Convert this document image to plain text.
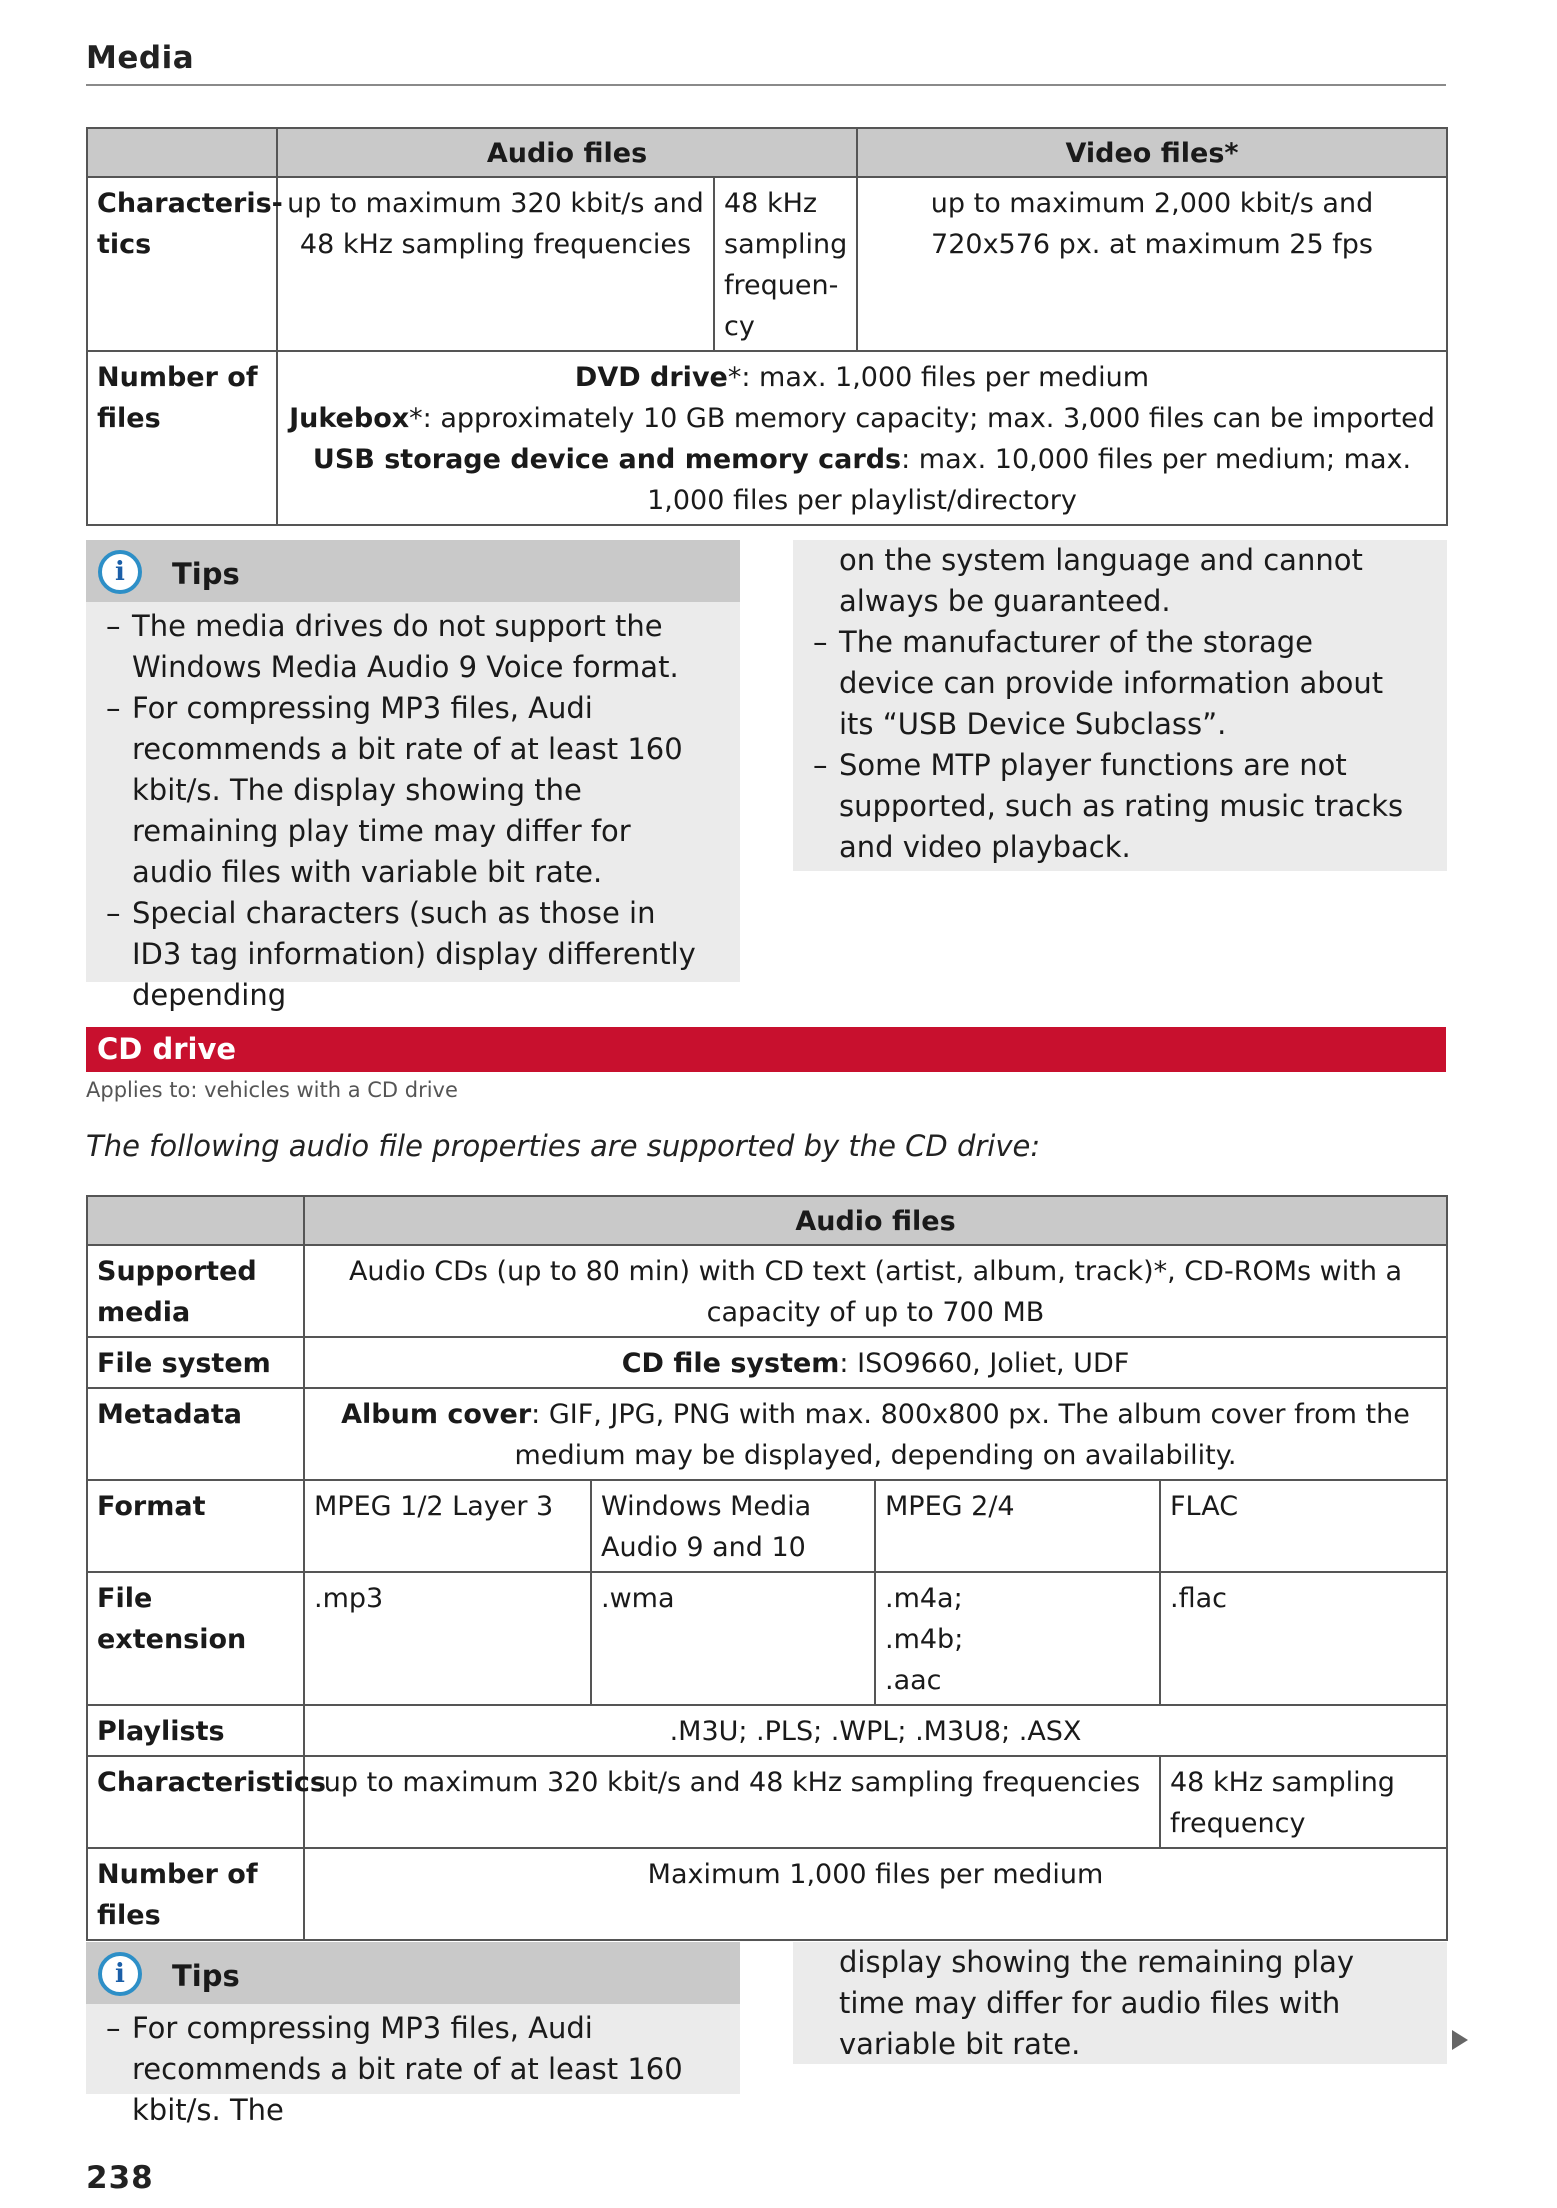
Media
	Audio files		Video files*
Characteris-tics	up to maximum 320 kbit/s and 48 kHz sampling frequencies	48 kHz sampling frequen-cy	up to maximum 2,000 kbit/s and 720x576 px. at maximum 25 fps
Number of files	DVD drive*: max. 1,000 files per medium
Jukebox*: approximately 10 GB memory capacity; max. 3,000 files can be imported
USB storage device and memory cards: max. 10,000 files per medium; max. 1,000 files per playlist/directory		
i	Tips
– The media drives do not support the Windows Media Audio 9 Voice format.
– For compressing MP3 files, Audi recommends a bit rate of at least 160 kbit/s. The display showing the remaining play time may differ for audio files with variable bit rate.
– Special characters (such as those in ID3 tag information) display differently depending
on the system language and cannot always be guaranteed.
– The manufacturer of the storage device can provide information about its “USB Device Subclass”.
– Some MTP player functions are not supported, such as rating music tracks and video playback.
CD drive
Applies to: vehicles with a CD drive
The following audio file properties are supported by the CD drive:
	Audio files			
Supported media	Audio CDs (up to 80 min) with CD text (artist, album, track)*, CD-ROMs with a capacity of up to 700 MB			
File system	CD file system: ISO9660, Joliet, UDF			
Metadata	Album cover: GIF, JPG, PNG with max. 800x800 px. The album cover from the medium may be displayed, depending on availability.			
Format	MPEG 1/2 Layer 3	Windows Media Audio 9 and 10	MPEG 2/4	FLAC
File extension	.mp3	.wma	.m4a; .m4b; .aac	.flac
Playlists	.M3U; .PLS; .WPL; .M3U8; .ASX			
Characteristics	up to maximum 320 kbit/s and 48 kHz sampling frequencies			48 kHz sampling frequency
Number of files	Maximum 1,000 files per medium			
i	Tips
– For compressing MP3 files, Audi recommends a bit rate of at least 160 kbit/s. The
display showing the remaining play time may differ for audio files with variable bit rate.
238
